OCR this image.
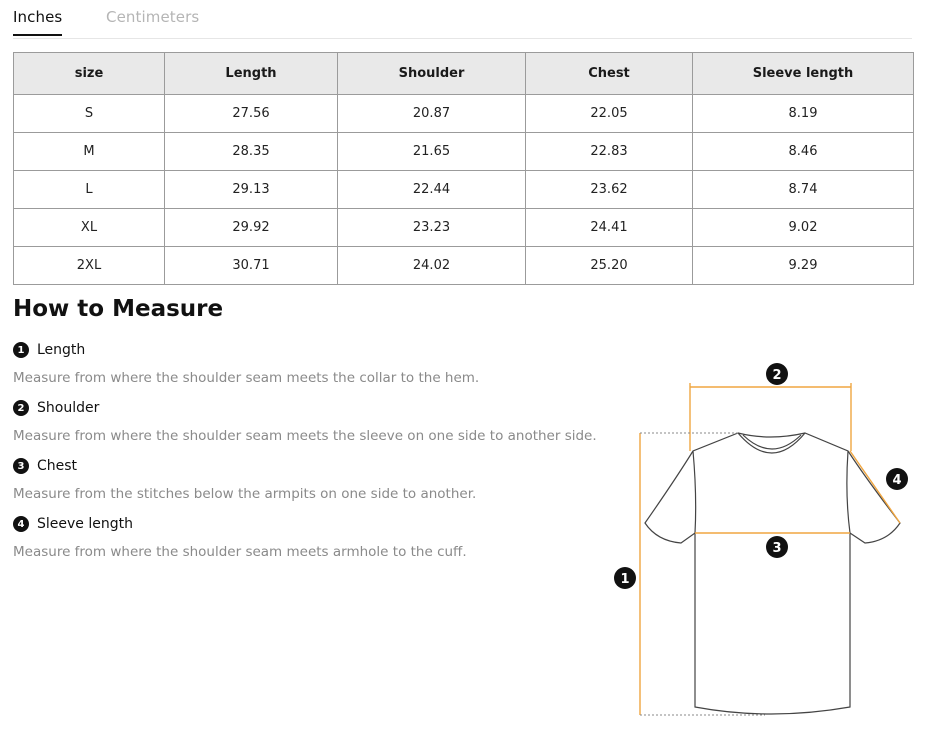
Inches	Centimeters
size	Length	Shoulder	Chest	Sleeve length
S	27.56	20.87	22.05	8.19
M	28.35	21.65	22.83	8.46
L	29.13	22.44	23.62	8.74
XL	29.92	23.23	24.41	9.02
2XL	30.71	24.02	25.20	9.29
How to Measure
1 Length
Measure from where the shoulder seam meets the collar to the hem.
2 Shoulder
Measure from where the shoulder seam meets the sleeve on one side to another side.
3 Chest
Measure from the stitches below the armpits on one side to another.
4 Sleeve length
Measure from where the shoulder seam meets armhole to the cuff.
1
2
3
4
